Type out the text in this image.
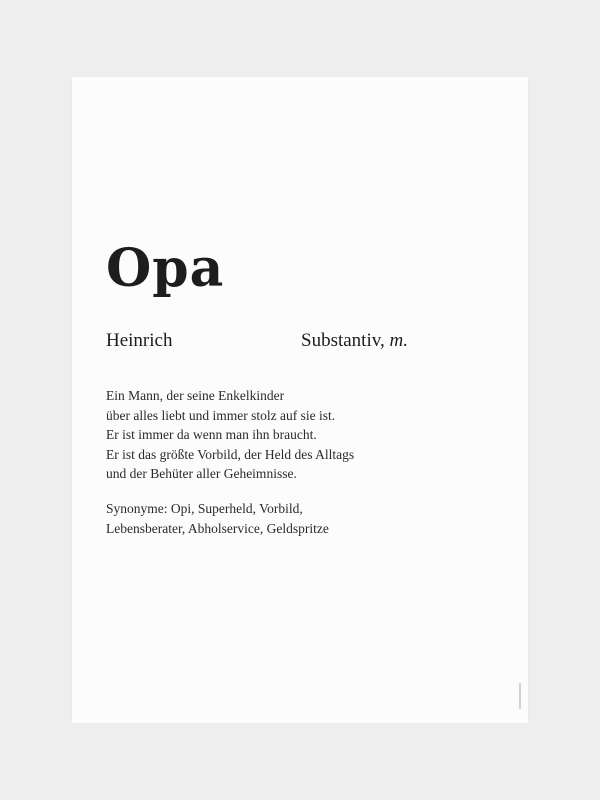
Opa
Heinrich	Substantiv, m.
Ein Mann, der seine Enkelkinder
über alles liebt und immer stolz auf sie ist.
Er ist immer da wenn man ihn braucht.
Er ist das größte Vorbild, der Held des Alltags
und der Behüter aller Geheimnisse.
Synonyme: Opi, Superheld, Vorbild,
Lebensberater, Abholservice, Geldspritze
